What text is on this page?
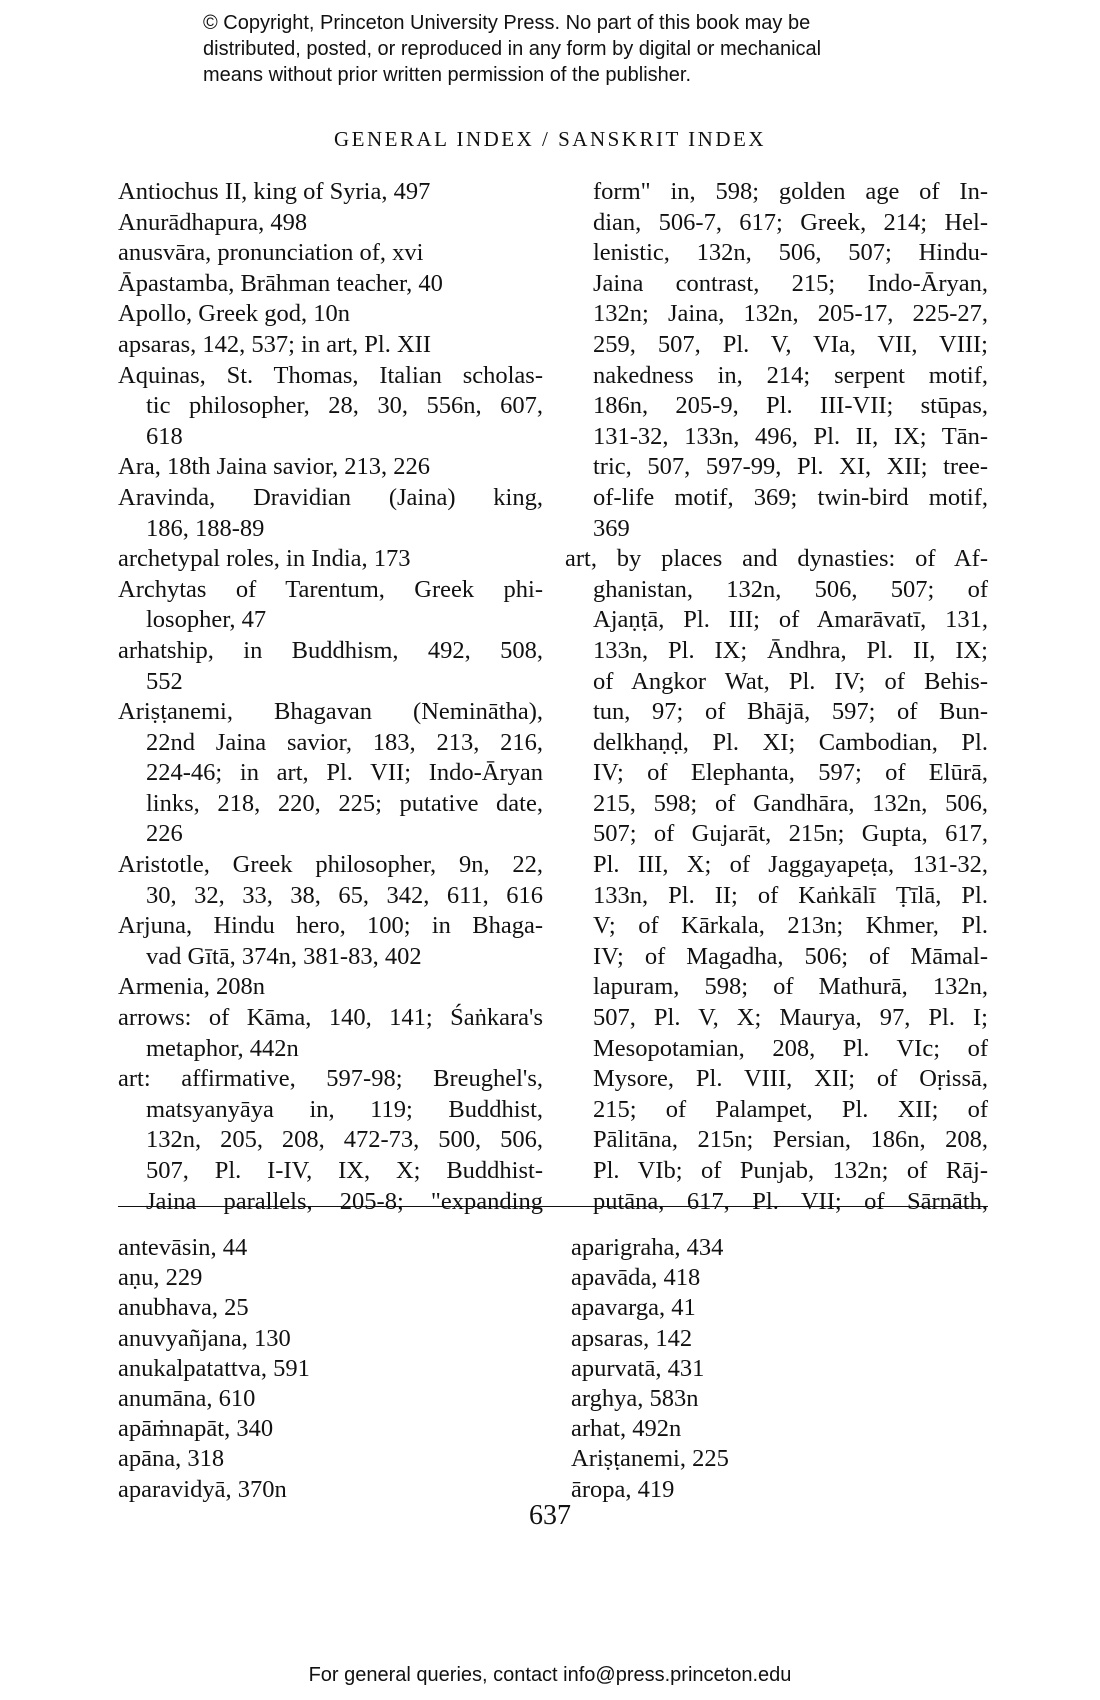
© Copyright, Princeton University Press. No part of this book may be
distributed, posted, or reproduced in any form by digital or mechanical
means without prior written permission of the publisher.
GENERAL INDEX / SANSKRIT INDEX
Antiochus II, king of Syria, 497
Anurādhapura, 498
anusvāra, pronunciation of, xvi
Āpastamba, Brāhman teacher, 40
Apollo, Greek god, 10n
apsaras, 142, 537; in art, Pl. XII
Aquinas, St. Thomas, Italian scholas-
tic philosopher, 28, 30, 556n, 607,
618
Ara, 18th Jaina savior, 213, 226
Aravinda, Dravidian (Jaina) king,
186, 188-89
archetypal roles, in India, 173
Archytas of Tarentum, Greek phi-
losopher, 47
arhatship, in Buddhism, 492, 508,
552
Ariṣṭanemi, Bhagavan (Neminātha),
22nd Jaina savior, 183, 213, 216,
224-46; in art, Pl. VII; Indo-Āryan
links, 218, 220, 225; putative date,
226
Aristotle, Greek philosopher, 9n, 22,
30, 32, 33, 38, 65, 342, 611, 616
Arjuna, Hindu hero, 100; in Bhaga-
vad Gītā, 374n, 381-83, 402
Armenia, 208n
arrows: of Kāma, 140, 141; Śaṅkara's
metaphor, 442n
art: affirmative, 597-98; Breughel's,
matsyanyāya in, 119; Buddhist,
132n, 205, 208, 472-73, 500, 506,
507, Pl. I-IV, IX, X; Buddhist-
Jaina parallels, 205-8; "expanding
form" in, 598; golden age of In-
dian, 506-7, 617; Greek, 214; Hel-
lenistic, 132n, 506, 507; Hindu-
Jaina contrast, 215; Indo-Āryan,
132n; Jaina, 132n, 205-17, 225-27,
259, 507, Pl. V, VIa, VII, VIII;
nakedness in, 214; serpent motif,
186n, 205-9, Pl. III-VII; stūpas,
131-32, 133n, 496, Pl. II, IX; Tān-
tric, 507, 597-99, Pl. XI, XII; tree-
of-life motif, 369; twin-bird motif,
369
art, by places and dynasties: of Af-
ghanistan, 132n, 506, 507; of
Ajaṇṭā, Pl. III; of Amarāvatī, 131,
133n, Pl. IX; Āndhra, Pl. II, IX;
of Angkor Wat, Pl. IV; of Behis-
tun, 97; of Bhājā, 597; of Bun-
delkhaṇḍ, Pl. XI; Cambodian, Pl.
IV; of Elephanta, 597; of Elūrā,
215, 598; of Gandhāra, 132n, 506,
507; of Gujarāt, 215n; Gupta, 617,
Pl. III, X; of Jaggayapeṭa, 131-32,
133n, Pl. II; of Kaṅkālī Ṭīlā, Pl.
V; of Kārkala, 213n; Khmer, Pl.
IV; of Magadha, 506; of Māmal-
lapuram, 598; of Mathurā, 132n,
507, Pl. V, X; Maurya, 97, Pl. I;
Mesopotamian, 208, Pl. VIc; of
Mysore, Pl. VIII, XII; of Oṛissā,
215; of Palampet, Pl. XII; of
Pālitāna, 215n; Persian, 186n, 208,
Pl. VIb; of Punjab, 132n; of Rāj-
putāna, 617, Pl. VII; of Sārnāth,
antevāsin, 44
aṇu, 229
anubhava, 25
anuvyañjana, 130
anukalpatattva, 591
anumāna, 610
apāṁnapāt, 340
apāna, 318
aparavidyā, 370n
aparigraha, 434
apavāda, 418
apavarga, 41
apsaras, 142
apurvatā, 431
arghya, 583n
arhat, 492n
Ariṣṭanemi, 225
āropa, 419
637
For general queries, contact info@press.princeton.edu
